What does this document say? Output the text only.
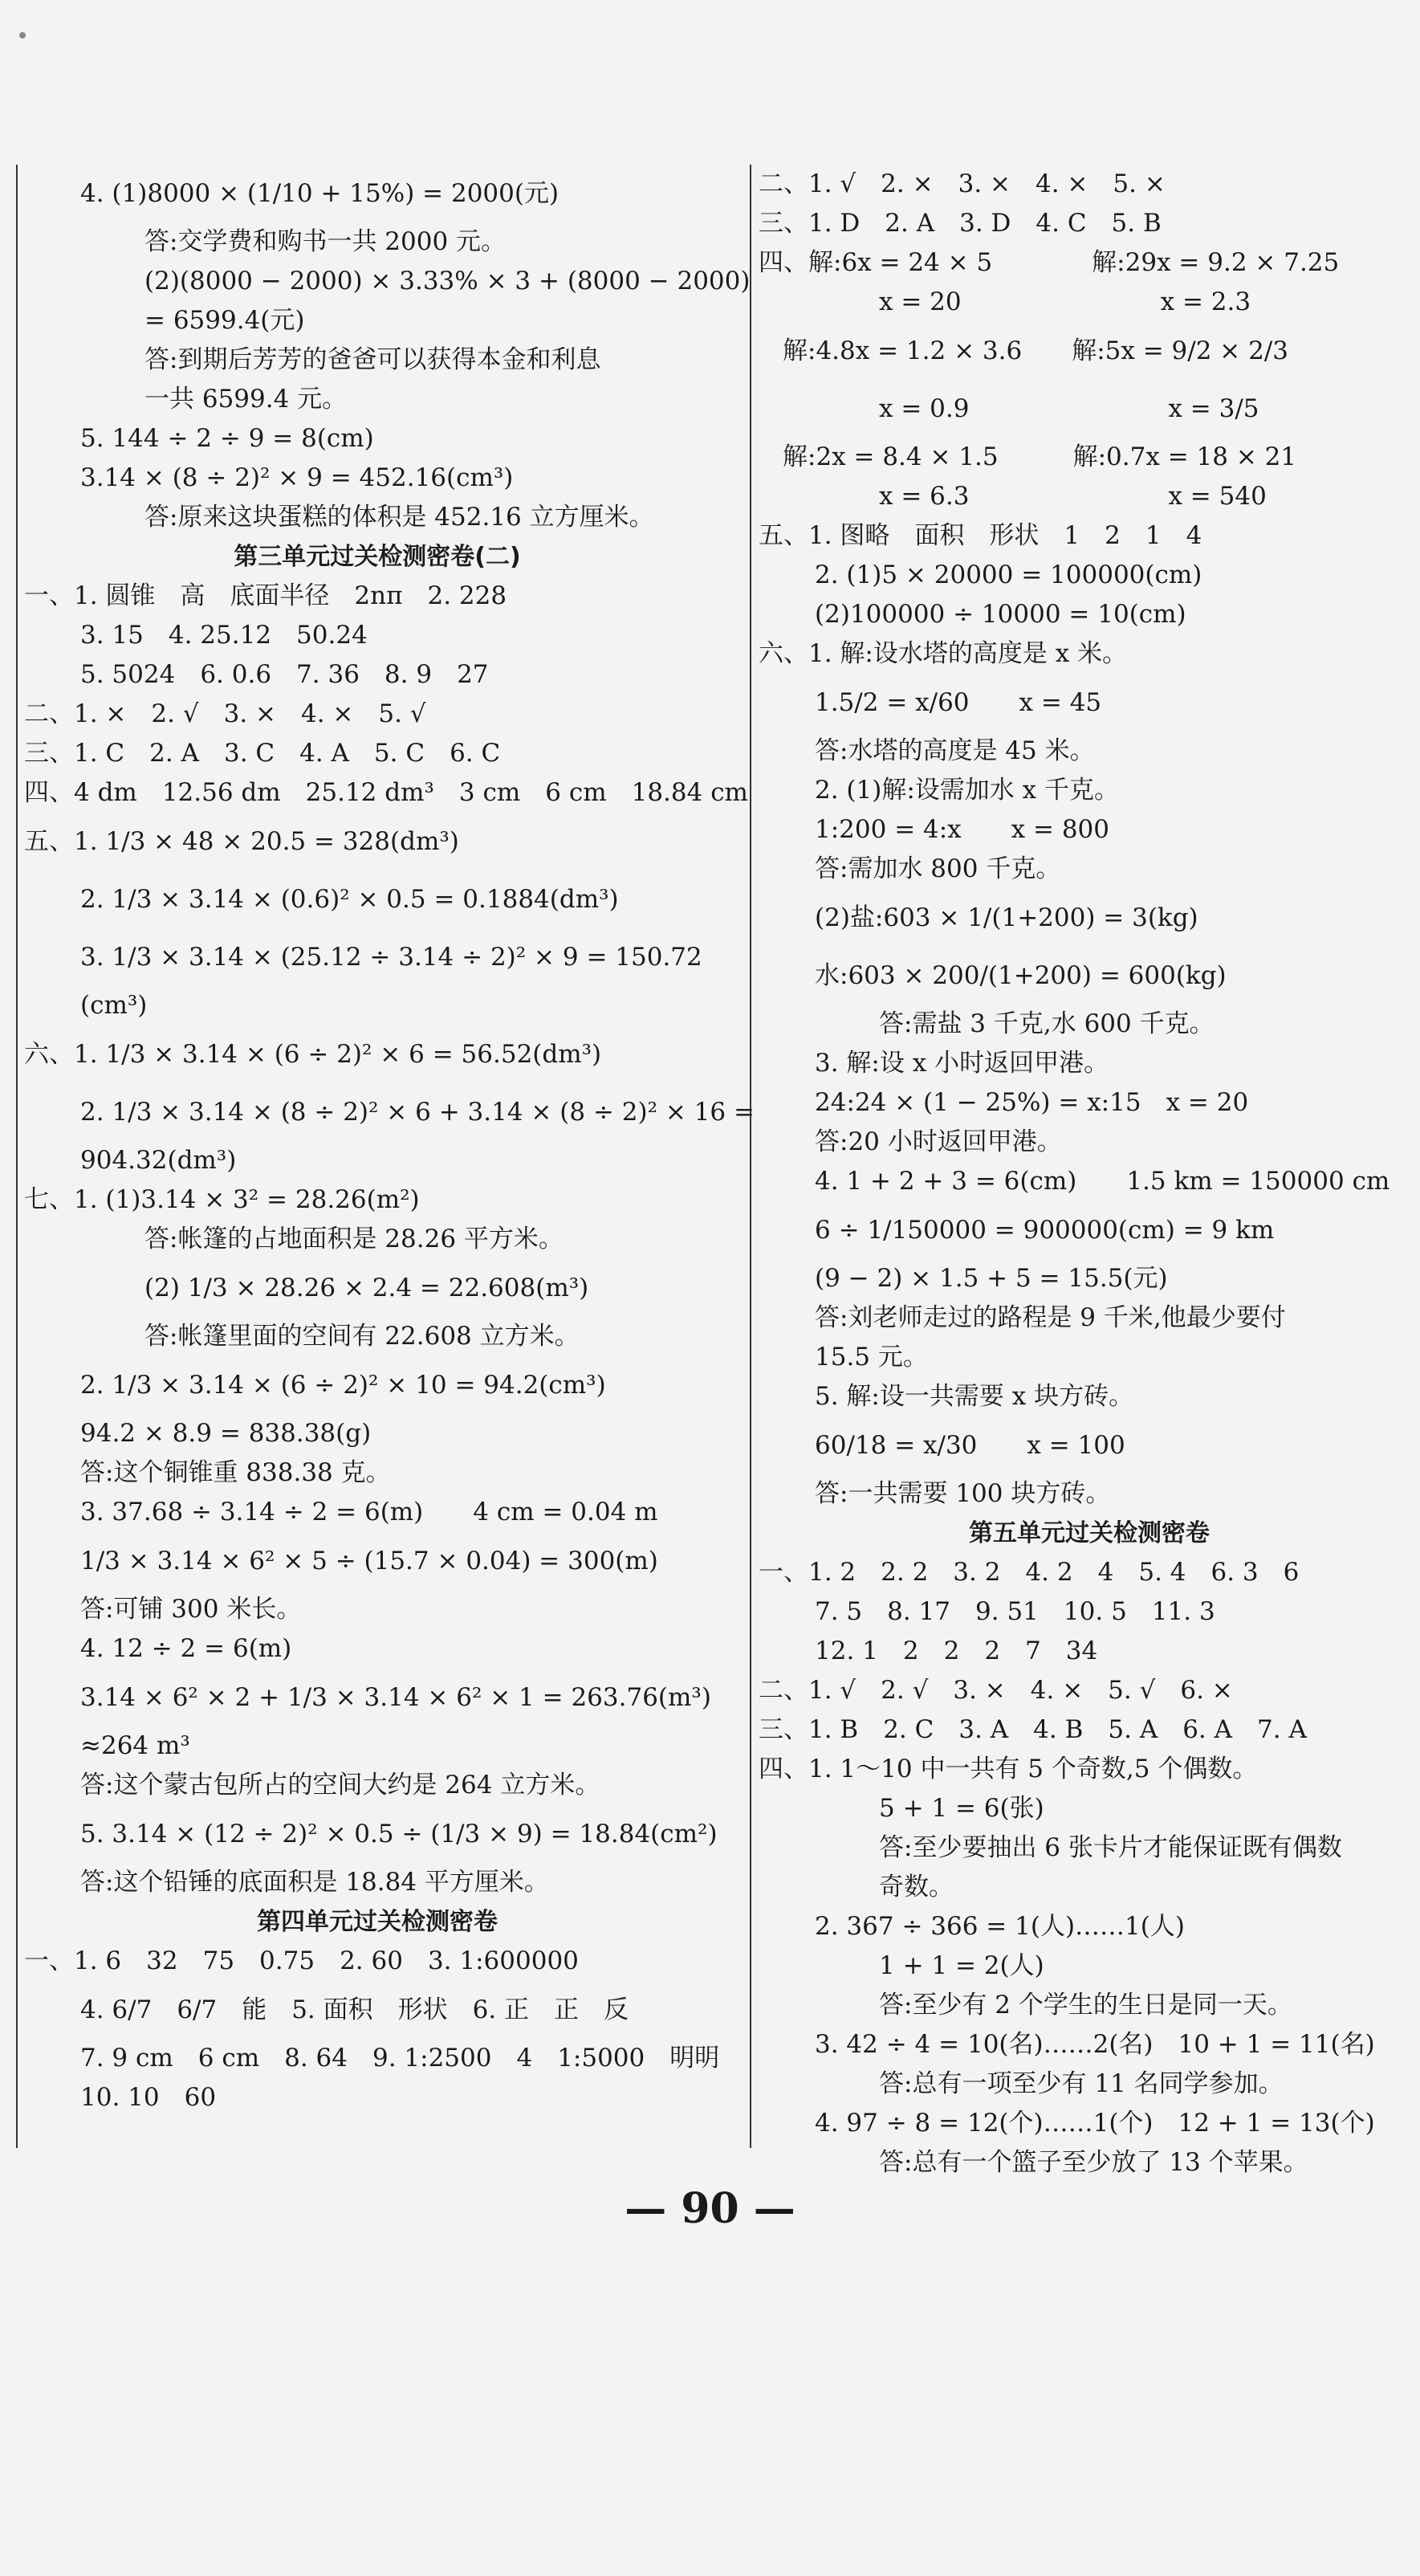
4. (1)8000 × (1/10 + 15%) = 2000(元)
答:交学费和购书一共 2000 元。
(2)(8000 − 2000) × 3.33% × 3 + (8000 − 2000)
= 6599.4(元)
答:到期后芳芳的爸爸可以获得本金和利息
一共 6599.4 元。
5. 144 ÷ 2 ÷ 9 = 8(cm)
3.14 × (8 ÷ 2)² × 9 = 452.16(cm³)
答:原来这块蛋糕的体积是 452.16 立方厘米。
第三单元过关检测密卷(二)
一、1. 圆锥　高　底面半径　2nπ　2. 228
3. 15　4. 25.12　50.24
5. 5024　6. 0.6　7. 36　8. 9　27
二、1. ×　2. √　3. ×　4. ×　5. √
三、1. C　2. A　3. C　4. A　5. C　6. C
四、4 dm　12.56 dm　25.12 dm³　3 cm　6 cm　18.84 cm
五、1. 1/3 × 48 × 20.5 = 328(dm³)
2. 1/3 × 3.14 × (0.6)² × 0.5 = 0.1884(dm³)
3. 1/3 × 3.14 × (25.12 ÷ 3.14 ÷ 2)² × 9 = 150.72
(cm³)
六、1. 1/3 × 3.14 × (6 ÷ 2)² × 6 = 56.52(dm³)
2. 1/3 × 3.14 × (8 ÷ 2)² × 6 + 3.14 × (8 ÷ 2)² × 16 =
904.32(dm³)
七、1. (1)3.14 × 3² = 28.26(m²)
答:帐篷的占地面积是 28.26 平方米。
(2) 1/3 × 28.26 × 2.4 = 22.608(m³)
答:帐篷里面的空间有 22.608 立方米。
2. 1/3 × 3.14 × (6 ÷ 2)² × 10 = 94.2(cm³)
94.2 × 8.9 = 838.38(g)
答:这个铜锥重 838.38 克。
3. 37.68 ÷ 3.14 ÷ 2 = 6(m)　　4 cm = 0.04 m
1/3 × 3.14 × 6² × 5 ÷ (15.7 × 0.04) = 300(m)
答:可铺 300 米长。
4. 12 ÷ 2 = 6(m)
3.14 × 6² × 2 + 1/3 × 3.14 × 6² × 1 = 263.76(m³)
≈264 m³
答:这个蒙古包所占的空间大约是 264 立方米。
5. 3.14 × (12 ÷ 2)² × 0.5 ÷ (1/3 × 9) = 18.84(cm²)
答:这个铅锤的底面积是 18.84 平方厘米。
第四单元过关检测密卷
一、1. 6　32　75　0.75　2. 60　3. 1:600000
4. 6/7　6/7　能　5. 面积　形状　6. 正　正　反
7. 9 cm　6 cm　8. 64　9. 1:2500　4　1:5000　明明
10. 10　60
二、1. √　2. ×　3. ×　4. ×　5. ×
三、1. D　2. A　3. D　4. C　5. B
四、解:6x = 24 × 5　　　　解:29x = 9.2 × 7.25
x = 20　　　　　　　　x = 2.3
解:4.8x = 1.2 × 3.6　　解:5x = 9/2 × 2/3
x = 0.9　　　　　　　　x = 3/5
解:2x = 8.4 × 1.5　　　解:0.7x = 18 × 21
x = 6.3　　　　　　　　x = 540
五、1. 图略　面积　形状　1　2　1　4
2. (1)5 × 20000 = 100000(cm)
(2)100000 ÷ 10000 = 10(cm)
六、1. 解:设水塔的高度是 x 米。
1.5/2 = x/60　　x = 45
答:水塔的高度是 45 米。
2. (1)解:设需加水 x 千克。
1:200 = 4:x　　x = 800
答:需加水 800 千克。
(2)盐:603 × 1/(1+200) = 3(kg)
水:603 × 200/(1+200) = 600(kg)
答:需盐 3 千克,水 600 千克。
3. 解:设 x 小时返回甲港。
24:24 × (1 − 25%) = x:15　x = 20
答:20 小时返回甲港。
4. 1 + 2 + 3 = 6(cm)　　1.5 km = 150000 cm
6 ÷ 1/150000 = 900000(cm) = 9 km
(9 − 2) × 1.5 + 5 = 15.5(元)
答:刘老师走过的路程是 9 千米,他最少要付
15.5 元。
5. 解:设一共需要 x 块方砖。
60/18 = x/30　　x = 100
答:一共需要 100 块方砖。
第五单元过关检测密卷
一、1. 2　2. 2　3. 2　4. 2　4　5. 4　6. 3　6
7. 5　8. 17　9. 51　10. 5　11. 3
12. 1　2　2　2　7　34
二、1. √　2. √　3. ×　4. ×　5. √　6. ×
三、1. B　2. C　3. A　4. B　5. A　6. A　7. A
四、1. 1～10 中一共有 5 个奇数,5 个偶数。
5 + 1 = 6(张)
答:至少要抽出 6 张卡片才能保证既有偶数
奇数。
2. 367 ÷ 366 = 1(人)……1(人)
1 + 1 = 2(人)
答:至少有 2 个学生的生日是同一天。
3. 42 ÷ 4 = 10(名)……2(名)　10 + 1 = 11(名)
答:总有一项至少有 11 名同学参加。
4. 97 ÷ 8 = 12(个)……1(个)　12 + 1 = 13(个)
答:总有一个篮子至少放了 13 个苹果。
— 90 —
